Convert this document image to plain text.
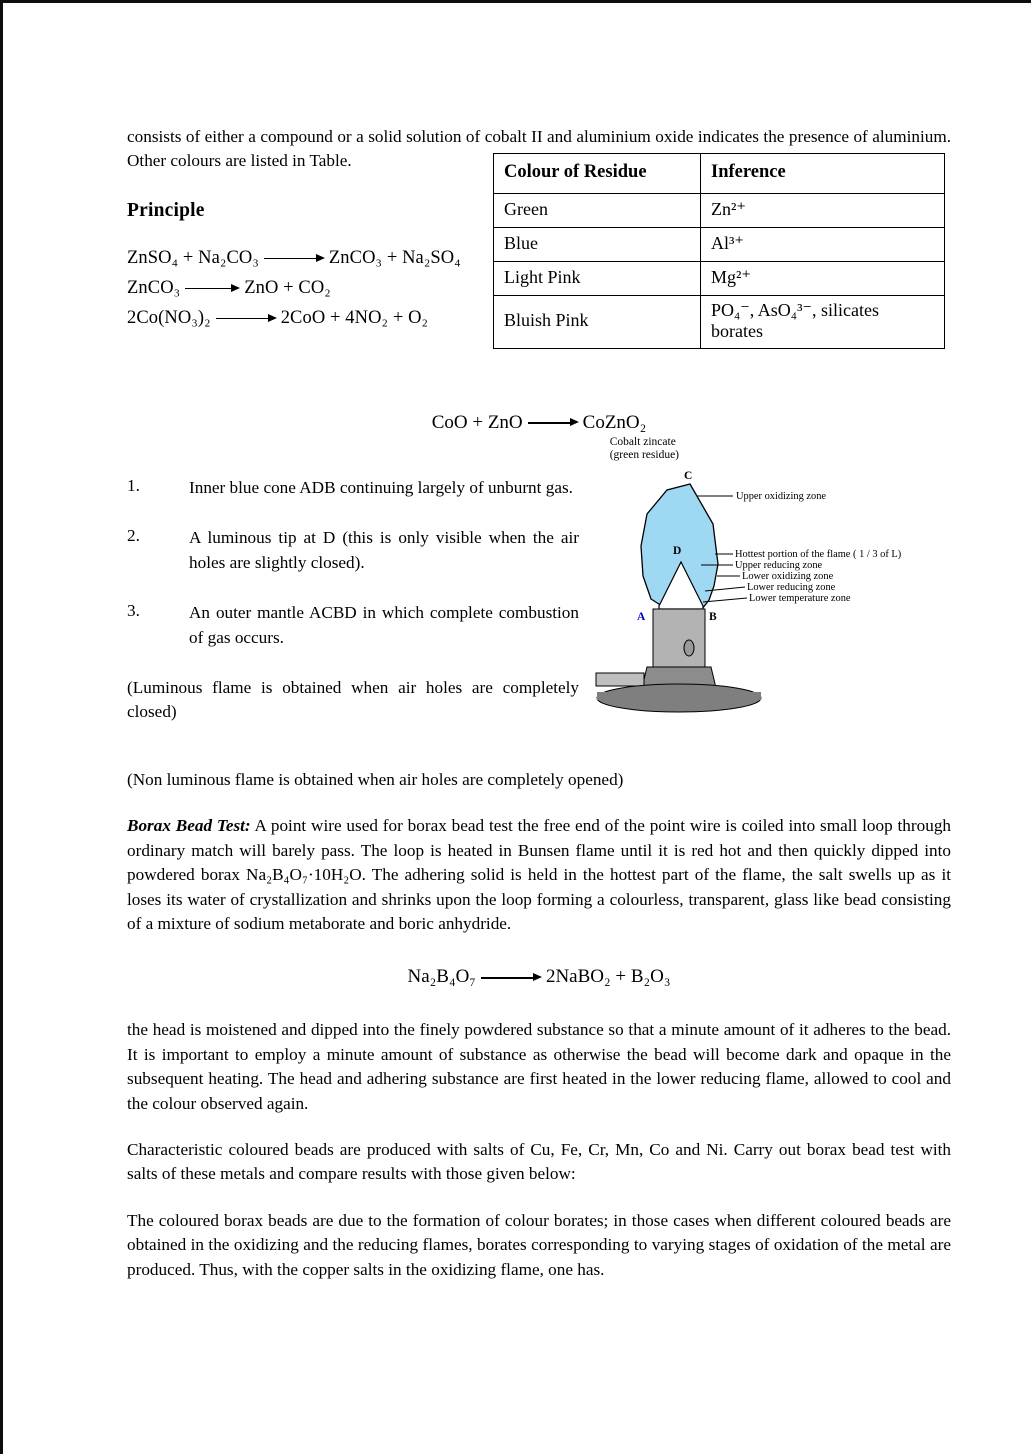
consists of either a compound or a solid solution of cobalt II and aluminium oxide indicates the presence of aluminium. Other colours are listed in Table.

Principle
ZnSO₄ + Na₂CO₃	ZnCO₃ + Na₂SO₄
ZnCO₃	ZnO + CO₂
2Co(NO₃)₂	2CoO + 4NO₂ + O₂
Colour of Residue	Inference
Green	Zn²⁺
Blue	Al³⁺
Light Pink	Mg²⁺
Bluish Pink	PO₄⁻, AsO₄³⁻, silicates borates
CoO + ZnO	CoZnO₂
Cobalt zincate
(green residue)
1.	Inner blue cone ADB continuing largely of unburnt gas.
2.	A luminous tip at D (this is only visible when the air holes are slightly closed).
3.	An outer mantle ACBD in which complete combustion of gas occurs.
(Luminous flame is obtained when air holes are completely closed)
C
D
A	B
Upper oxidizing zone
Hottest portion of the flame ( 1 / 3 of L)
Upper reducing zone
Lower oxidizing zone
Lower reducing zone
Lower temperature zone

(Non luminous flame is obtained when air holes are completely opened)

Borax Bead Test: A point wire used for borax bead test the free end of the point wire is coiled into small loop through ordinary match will barely pass. The loop is heated in Bunsen flame until it is red hot and then quickly dipped into powdered borax Na₂B₄O₇·10H₂O. The adhering solid is held in the hottest part of the flame, the salt swells up as it loses its water of crystallization and shrinks upon the loop forming a colourless, transparent, glass like bead consisting of a mixture of sodium metaborate and boric anhydride.

Na₂B₄O₇	2NaBO₂ + B₂O₃

the head is moistened and dipped into the finely powdered substance so that a minute amount of it adheres to the bead. It is important to employ a minute amount of substance as otherwise the bead will become dark and opaque in the subsequent heating. The head and adhering substance are first heated in the lower reducing flame, allowed to cool and the colour observed again.

Characteristic coloured beads are produced with salts of Cu, Fe, Cr, Mn, Co and Ni. Carry out borax bead test with salts of these metals and compare results with those given below:

The coloured borax beads are due to the formation of colour borates; in those cases when different coloured beads are obtained in the oxidizing and the reducing flames, borates corresponding to varying stages of oxidation of the metal are produced. Thus, with the copper salts in the oxidizing flame, one has.
